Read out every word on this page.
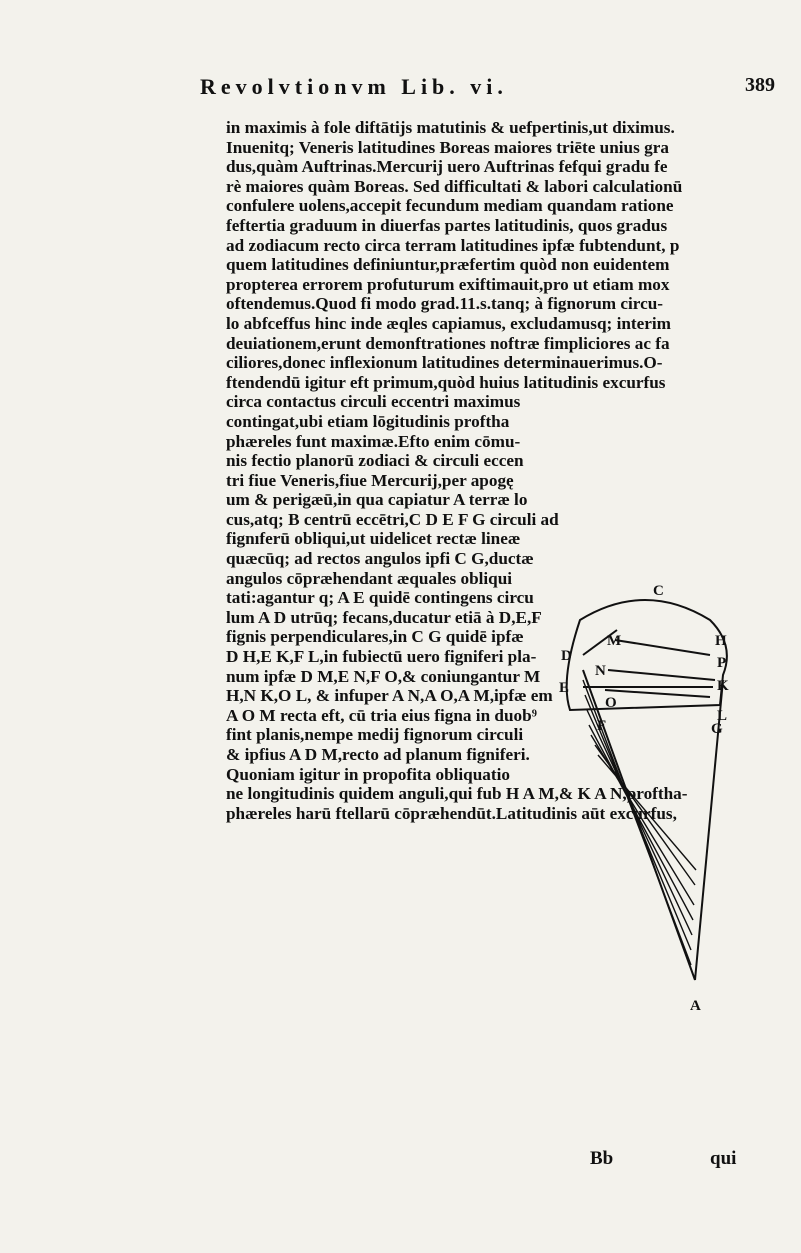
Revolvtionvm Lib. vi.	389
in maximis à fole diftātijs matutinis & uefpertinis,ut diximus.
Inuenitq; Veneris latitudines Boreas maiores triēte unius gra
dus,quàm Auftrinas.Mercurij uero Auftrinas fefqui gradu fe
rè maiores quàm Boreas. Sed difficultati & labori calculationū
confulere uolens,accepit fecundum mediam quandam ratione
feftertia graduum in diuerfas partes latitudinis, quos gradus
ad zodiacum recto circa terram latitudines ipfæ fubtendunt, p
quem latitudines definiuntur,præfertim quòd non euidentem
propterea errorem profuturum exiftimauit,pro ut etiam mox
oftendemus.Quod fi modo grad.11.s.tanq; à fignorum circu-
lo abfceffus hinc inde æqles capiamus, excludamusq; interim
deuiationem,erunt demonftrationes noftræ fimpliciores ac fa
ciliores,donec inflexionum latitudines determinauerimus.O-
ftendendū igitur eft primum,quòd huius latitudinis excurfus
circa contactus circuli eccentri maximus
contingat,ubi etiam lōgitudinis proftha
phæreles funt maximæ.Efto enim cōmu-
nis fectio planorū zodiaci & circuli eccen
tri fiue Veneris,fiue Mercurij,per apogę
um & perigæū,in qua capiatur A terræ lo
cus,atq; B centrū eccētri,C D E F G circuli ad
fignıferū obliqui,ut uidelicet rectæ lineæ
quæcūq; ad rectos angulos ipfi C G,ductæ
angulos cōpræhendant æquales obliqui
tati:agantur q; A E quidē contingens circu
lum A D utrūq; fecans,ducatur etiā à D,E,F
fignis perpendiculares,in C G quidē ipfæ
D H,E K,F L,in fubiectū uero figniferi pla-
num ipfæ D M,E N,F O,& coniungantur M
H,N K,O L, & infuper A N,A O,A M,ipfæ em
A O M recta eft, cū tria eius figna in duob⁹
fint planis,nempe medij fignorum circuli
& ipfius A D M,recto ad planum figniferi.
Quoniam igitur in propofita obliquatio
ne longitudinis quidem anguli,qui fub H A M,& K A N,proftha-
phæreles harū ftellarū cōpræhendūt.Latitudinis aūt excurfus,
C
M	H
D
N	P
E	K
O
L
F	G
A
Bb	qui
